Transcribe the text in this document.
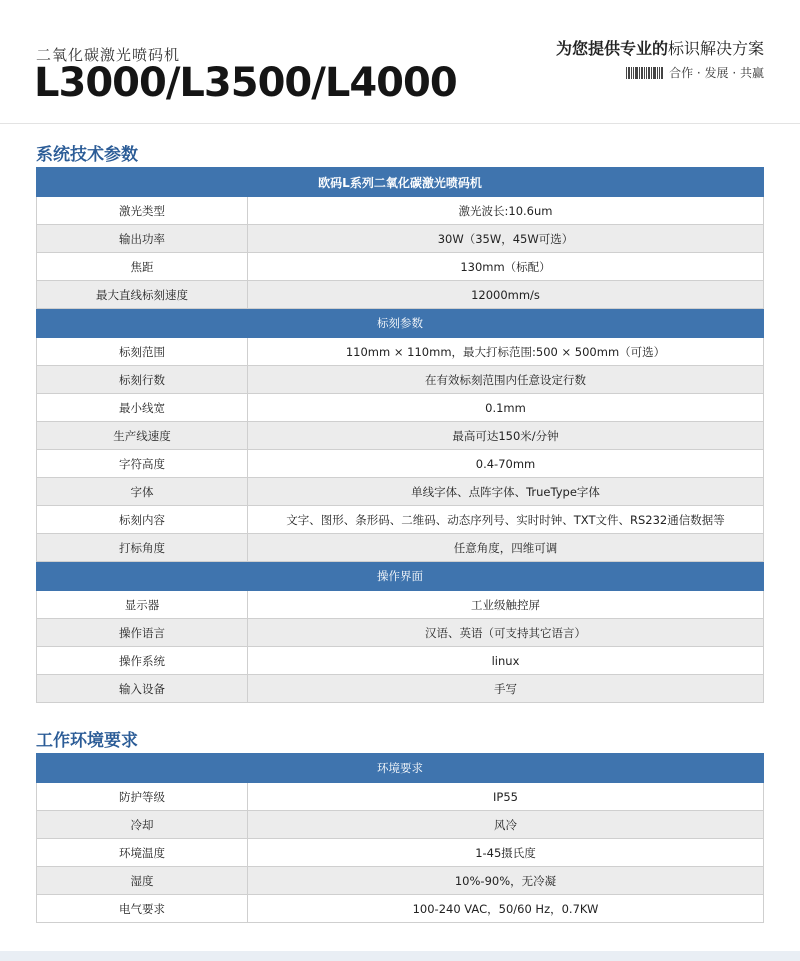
二氧化碳激光喷码机
L3000/L3500/L4000
为您提供专业的标识解决方案
合作 · 发展 · 共赢
系统技术参数
欧码L系列二氧化碳激光喷码机	
激光类型	激光波长:10.6um
输出功率	30W（35W，45W可选）
焦距	130mm（标配）
最大直线标刻速度	12000mm/s
标刻参数	
标刻范围	110mm × 110mm，最大打标范围:500 × 500mm（可选）
标刻行数	在有效标刻范围内任意设定行数
最小线宽	0.1mm
生产线速度	最高可达150米/分钟
字符高度	0.4-70mm
字体	单线字体、点阵字体、TrueType字体
标刻内容	文字、图形、条形码、二维码、动态序列号、实时时钟、TXT文件、RS232通信数据等
打标角度	任意角度，四维可调
操作界面	
显示器	工业级触控屏
操作语言	汉语、英语（可支持其它语言）
操作系统	linux
输入设备	手写
工作环境要求
环境要求	
防护等级	IP55
冷却	风冷
环境温度	1-45摄氏度
湿度	10%-90%，无冷凝
电气要求	100-240 VAC，50/60 Hz，0.7KW
